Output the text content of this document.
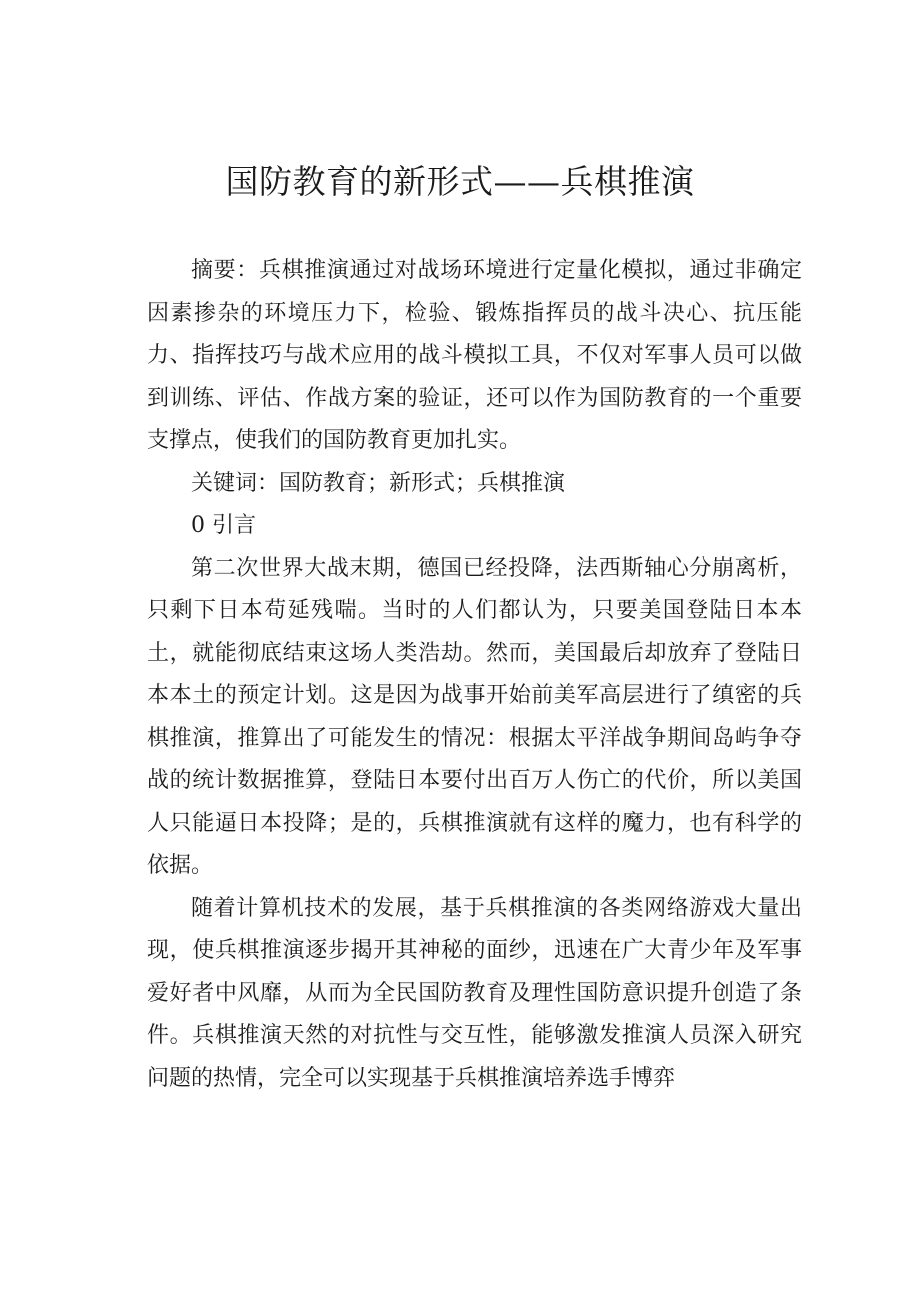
国防教育的新形式——兵棋推演

摘要：兵棋推演通过对战场环境进行定量化模拟，通过非确定因素掺杂的环境压力下，检验、锻炼指挥员的战斗决心、抗压能力、指挥技巧与战术应用的战斗模拟工具，不仅对军事人员可以做到训练、评估、作战方案的验证，还可以作为国防教育的一个重要支撑点，使我们的国防教育更加扎实。

关键词：国防教育；新形式；兵棋推演

0 引言

第二次世界大战末期，德国已经投降，法西斯轴心分崩离析，只剩下日本苟延残喘。当时的人们都认为，只要美国登陆日本本土，就能彻底结束这场人类浩劫。然而，美国最后却放弃了登陆日本本土的预定计划。这是因为战事开始前美军高层进行了缜密的兵棋推演，推算出了可能发生的情况：根据太平洋战争期间岛屿争夺战的统计数据推算，登陆日本要付出百万人伤亡的代价，所以美国人只能逼日本投降；是的，兵棋推演就有这样的魔力，也有科学的依据。

随着计算机技术的发展，基于兵棋推演的各类网络游戏大量出现，使兵棋推演逐步揭开其神秘的面纱，迅速在广大青少年及军事爱好者中风靡，从而为全民国防教育及理性国防意识提升创造了条件。兵棋推演天然的对抗性与交互性，能够激发推演人员深入研究问题的热情，完全可以实现基于兵棋推演培养选手博弈
